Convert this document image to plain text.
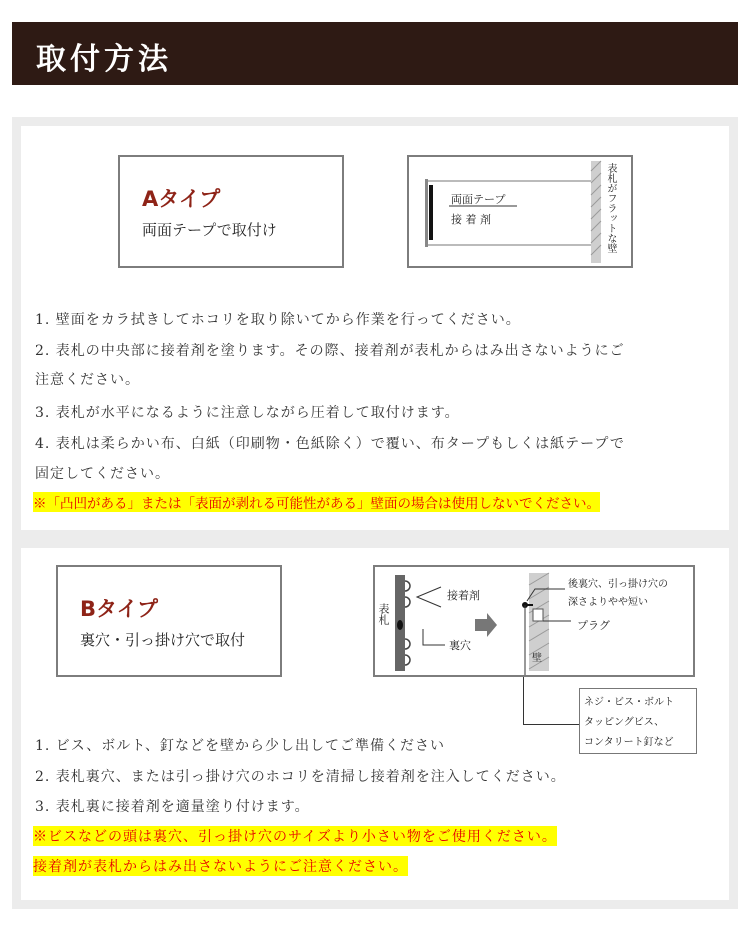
取付方法
Aタイプ
両面テープで取付け
両面テープ
接 着 剤	表札がフラットな壁
1. 壁面をカラ拭きしてホコリを取り除いてから作業を行ってください。
2. 表札の中央部に接着剤を塗ります。その際、接着剤が表札からはみ出さないようにご
注意ください。
3. 表札が水平になるように注意しながら圧着して取付けます。
4. 表札は柔らかい布、白紙（印刷物・色紙除く）で覆い、布タープもしくは紙テープで
固定してください。
※「凸凹がある」または「表面が剥れる可能性がある」壁面の場合は使用しないでください。
Bタイプ
裏穴・引っ掛け穴で取付
表札
接着剤
裏穴
後裏穴、引っ掛け穴の
深さよりやや短い
プラグ
壁
ネジ・ビス・ボルト
タッピングビス、
コンタリート釘など
1. ビス、ボルト、釘などを壁から少し出してご準備ください
2. 表札裏穴、または引っ掛け穴のホコリを清掃し接着剤を注入してください。
3. 表札裏に接着剤を適量塗り付けます。
※ビスなどの頭は裏穴、引っ掛け穴のサイズより小さい物をご使用ください。
接着剤が表札からはみ出さないようにご注意ください。
